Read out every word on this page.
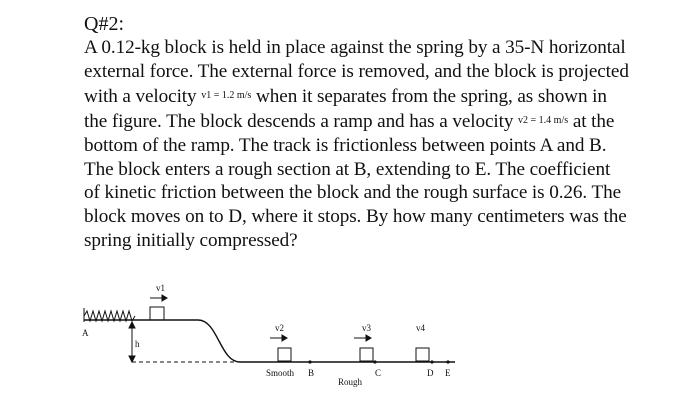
Q#2:
A 0.12-kg block is held in place against the spring by a 35-N horizontal external force. The external force is removed, and the block is projected with a velocity $^{v1 = 1.2 m/s}$ when it separates from the spring, as shown in the figure. The block descends a ramp and has a velocity $^{v2 = 1.4 m/s}$ at the bottom of the ramp. The track is frictionless between points A and B. The block enters a rough section at B, extending to E. The coefficient of kinetic friction between the block and the rough surface is 0.26. The block moves on to D, where it stops. By how many centimeters was the spring initially compressed?
v1
h
A	v2
Smooth B
v3
C
Rough
v4
D E
